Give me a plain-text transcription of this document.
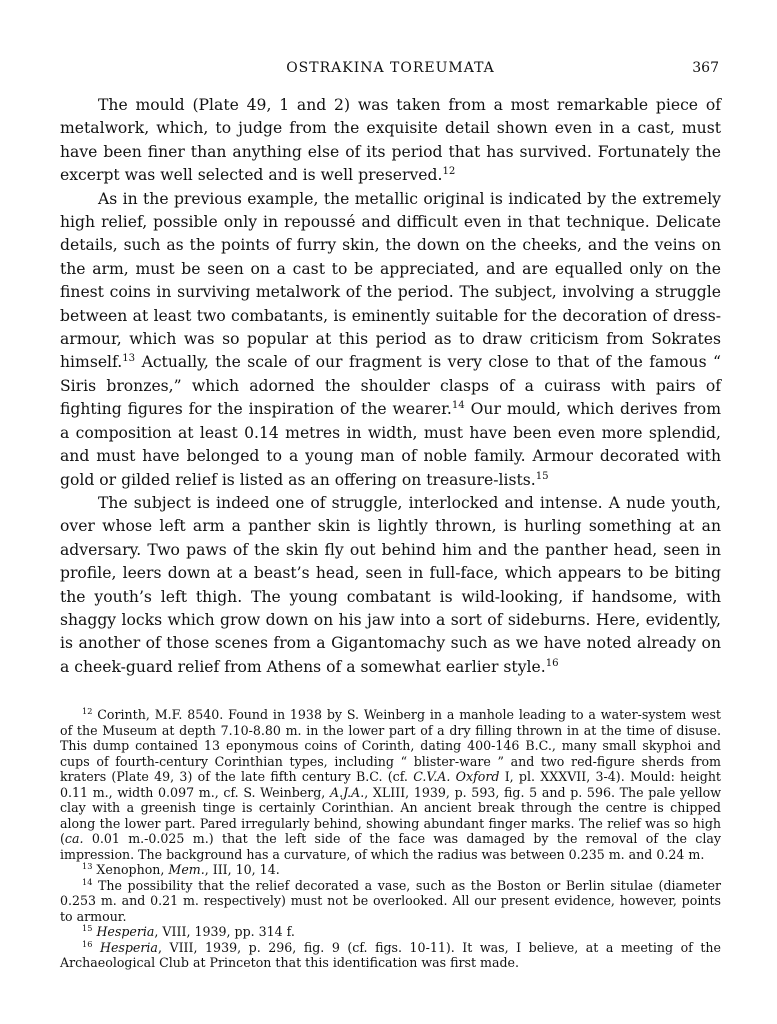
OSTRAKINA TOREUMATA	367

The mould (Plate 49, 1 and 2) was taken from a most remarkable piece of metalwork, which, to judge from the exquisite detail shown even in a cast, must have been finer than anything else of its period that has survived. Fortunately the excerpt was well selected and is well preserved.$^{12}$

As in the previous example, the metallic original is indicated by the extremely high relief, possible only in repoussé and difficult even in that technique. Delicate details, such as the points of furry skin, the down on the cheeks, and the veins on the arm, must be seen on a cast to be appreciated, and are equalled only on the finest coins in surviving metalwork of the period. The subject, involving a struggle between at least two combatants, is eminently suitable for the decoration of dress-armour, which was so popular at this period as to draw criticism from Sokrates himself.$^{13}$ Actually, the scale of our fragment is very close to that of the famous “ Siris bronzes,” which adorned the shoulder clasps of a cuirass with pairs of fighting figures for the inspiration of the wearer.$^{14}$ Our mould, which derives from a composition at least 0.14 metres in width, must have been even more splendid, and must have belonged to a young man of noble family. Armour decorated with gold or gilded relief is listed as an offering on treasure-lists.$^{15}$

The subject is indeed one of struggle, interlocked and intense. A nude youth, over whose left arm a panther skin is lightly thrown, is hurling something at an adversary. Two paws of the skin fly out behind him and the panther head, seen in profile, leers down at a beast’s head, seen in full-face, which appears to be biting the youth’s left thigh. The young combatant is wild-looking, if handsome, with shaggy locks which grow down on his jaw into a sort of sideburns. Here, evidently, is another of those scenes from a Gigantomachy such as we have noted already on a cheek-guard relief from Athens of a somewhat earlier style.$^{16}$

$^{12}$ Corinth, M.F. 8540. Found in 1938 by S. Weinberg in a manhole leading to a water-system west of the Museum at depth 7.10-8.80 m. in the lower part of a dry filling thrown in at the time of disuse. This dump contained 13 eponymous coins of Corinth, dating 400-146 B.C., many small skyphoi and cups of fourth-century Corinthian types, including “ blister-ware ” and two red-figure sherds from kraters (Plate 49, 3) of the late fifth century B.C. (cf. C.V.A. Oxford I, pl. XXXVII, 3-4). Mould: height 0.11 m., width 0.097 m., cf. S. Weinberg, A.J.A., XLIII, 1939, p. 593, fig. 5 and p. 596. The pale yellow clay with a greenish tinge is certainly Corinthian. An ancient break through the centre is chipped along the lower part. Pared irregularly behind, showing abundant finger marks. The relief was so high (ca. 0.01 m.-0.025 m.) that the left side of the face was damaged by the removal of the clay impression. The background has a curvature, of which the radius was between 0.235 m. and 0.24 m.

$^{13}$ Xenophon, Mem., III, 10, 14.

$^{14}$ The possibility that the relief decorated a vase, such as the Boston or Berlin situlae (diameter 0.253 m. and 0.21 m. respectively) must not be overlooked. All our present evidence, however, points to armour.

$^{15}$ Hesperia, VIII, 1939, pp. 314 f.

$^{16}$ Hesperia, VIII, 1939, p. 296, fig. 9 (cf. figs. 10-11). It was, I believe, at a meeting of the Archaeological Club at Princeton that this identification was first made.
